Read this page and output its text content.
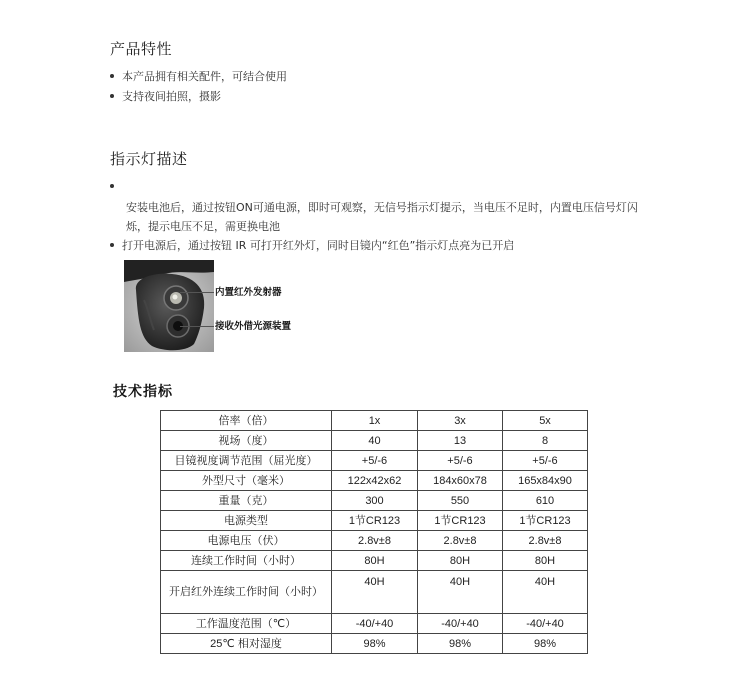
产品特性
本产品拥有相关配件，可结合使用
支持夜间拍照，摄影
指示灯描述
安装电池后，通过按钮ON可通电源，即时可观察，无信号指示灯提示，当电压不足时，内置电压信号灯闪烁，提示电压不足，需更换电池
打开电源后，通过按钮 IR 可打开红外灯，同时目镜内“红色”指示灯点亮为已开启
内置红外发射器
接收外借光源装置
技术指标
倍率（倍）	1x	3x	5x
视场（度）	40	13	8
目镜视度调节范围（屈光度）	+5/-6	+5/-6	+5/-6
外型尺寸（毫米）	122x42x62	184x60x78	165x84x90
重量（克）	300	550	610
电源类型	1节CR123	1节CR123	1节CR123
电源电压（伏）	2.8v±8	2.8v±8	2.8v±8
连续工作时间（小时）	80H	80H	80H
开启红外连续工作时间（小时）	40H	40H	40H
工作温度范围（℃）	-40/+40	-40/+40	-40/+40
25℃ 相对湿度	98%	98%	98%
